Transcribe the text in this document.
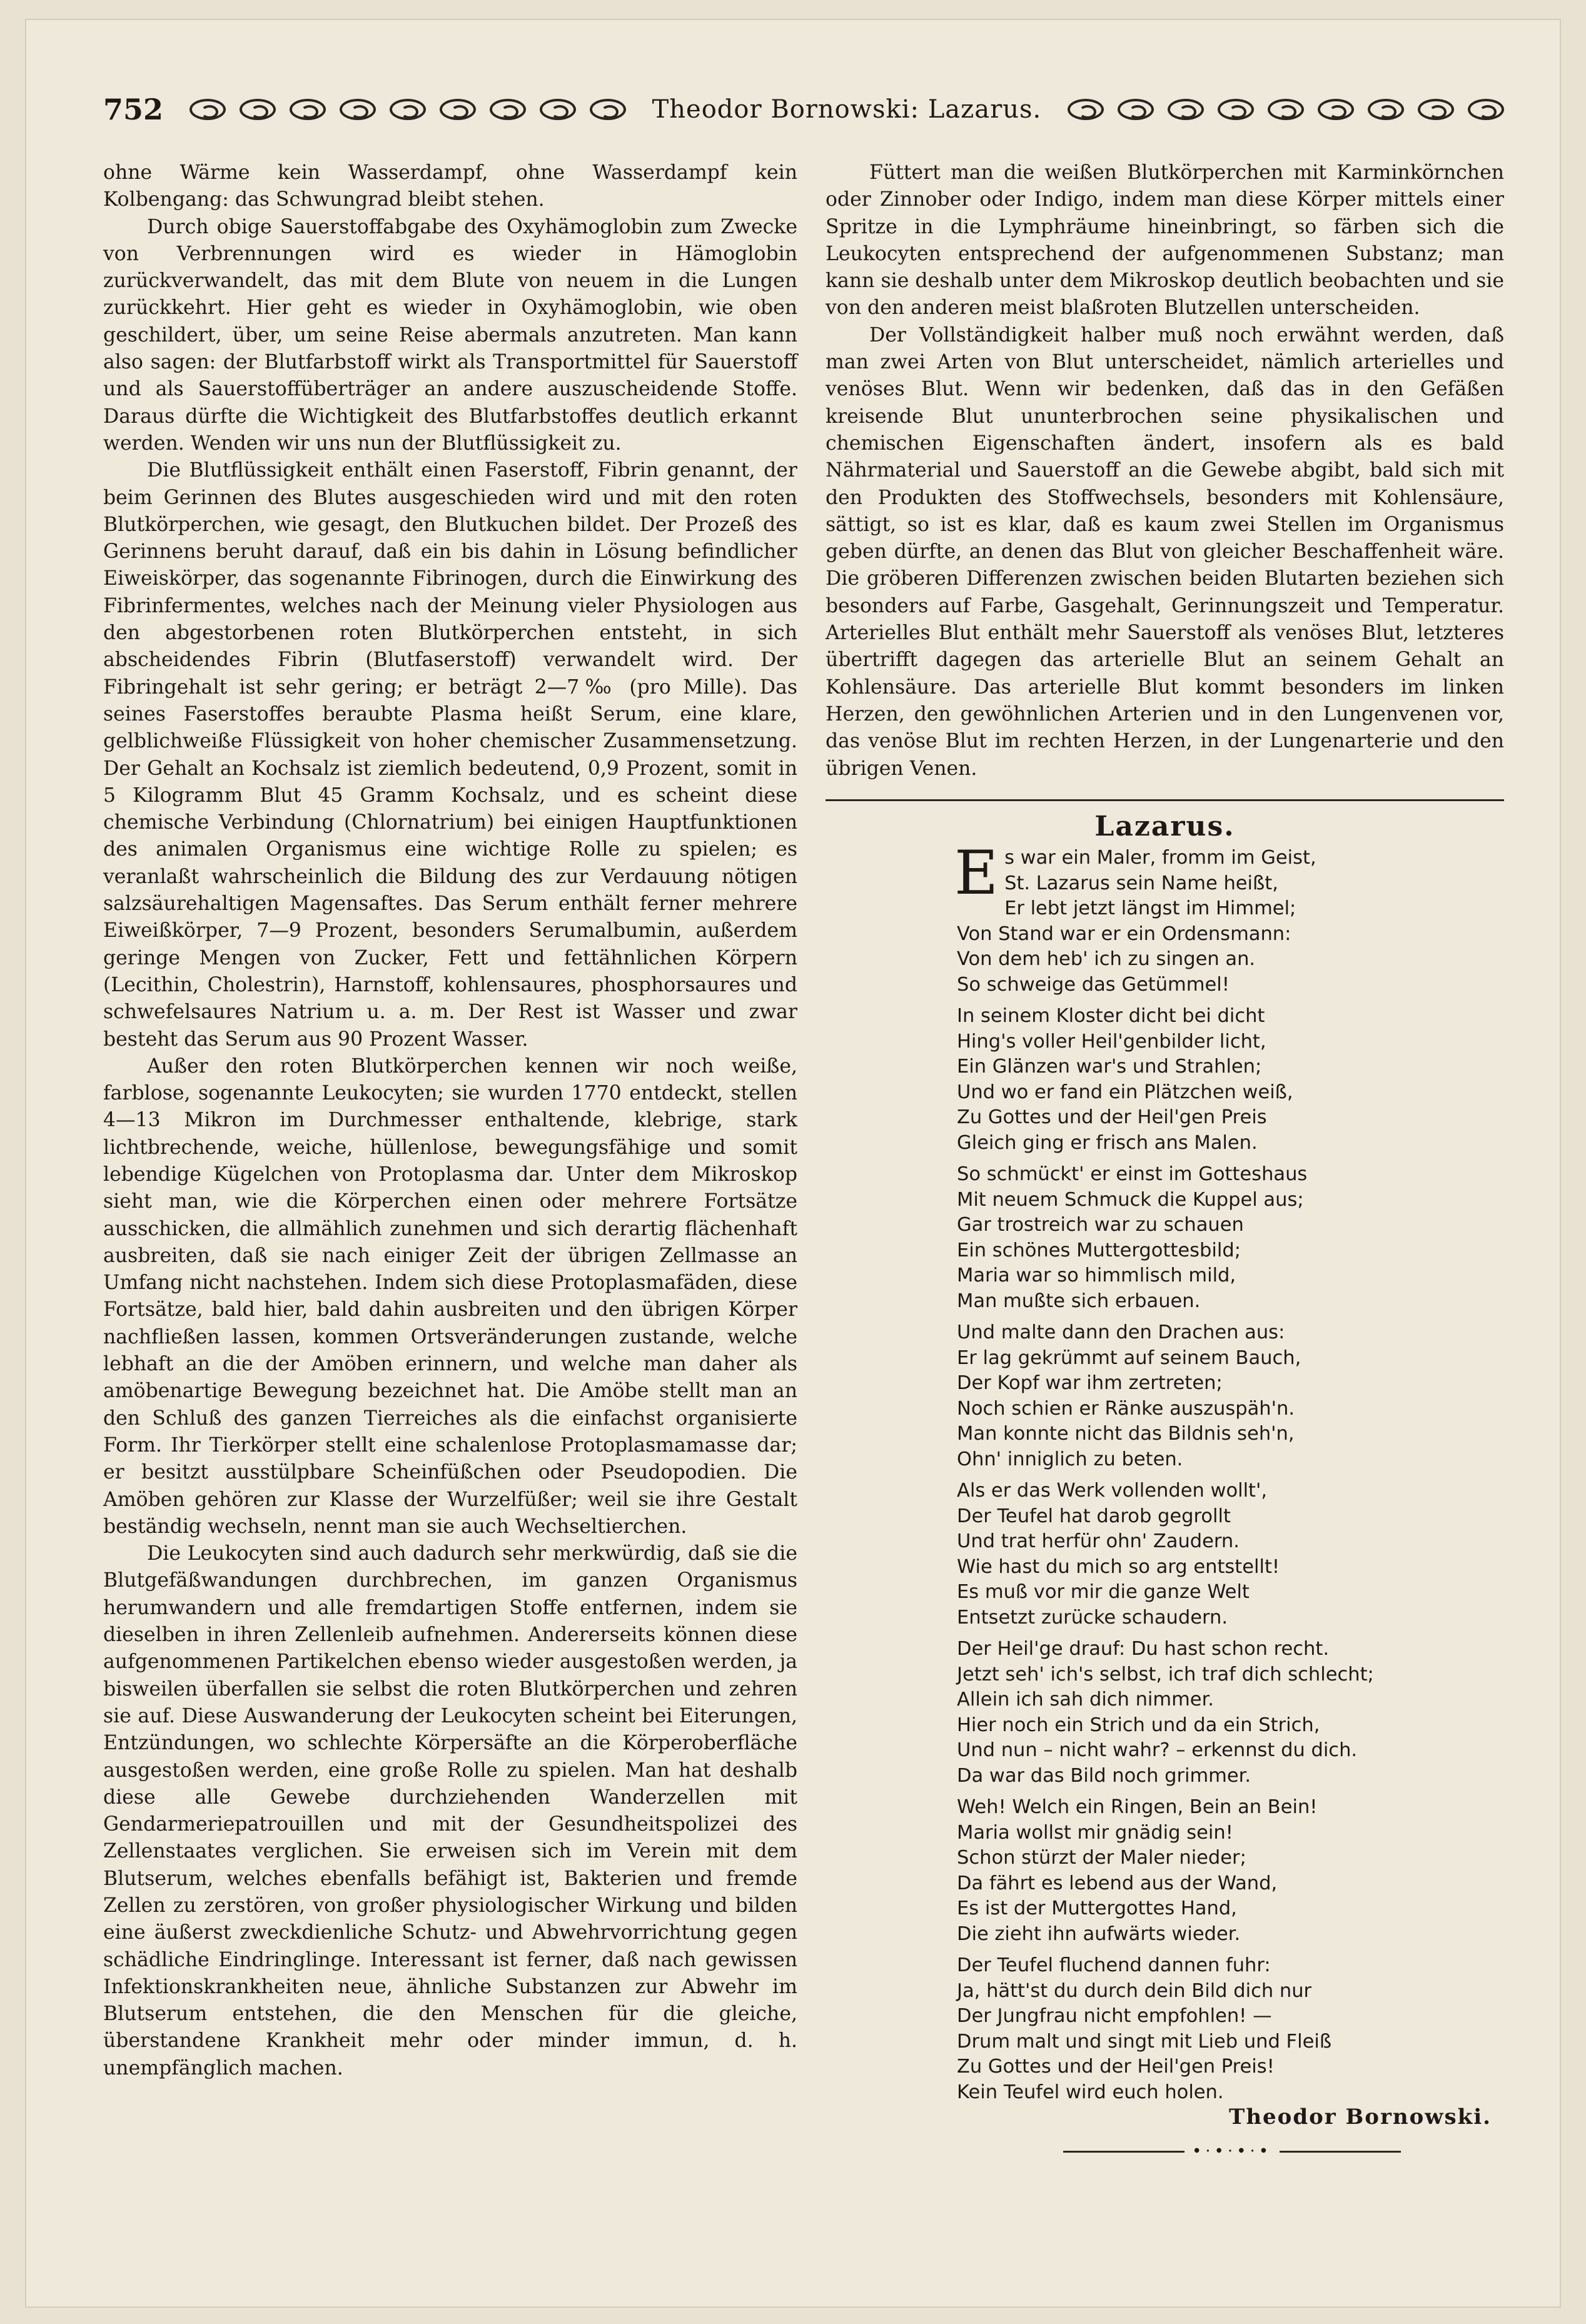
752	Theodor Bornowski: Lazarus.

ohne Wärme kein Wasserdampf, ohne Wasserdampf kein Kolbengang: das Schwungrad bleibt stehen.

Durch obige Sauerstoffabgabe des Oxyhämoglobin zum Zwecke von Verbrennungen wird es wieder in Hämoglobin zurückverwandelt, das mit dem Blute von neuem in die Lungen zurückkehrt. Hier geht es wieder in Oxyhämoglobin, wie oben geschildert, über, um seine Reise abermals anzutreten. Man kann also sagen: der Blutfarbstoff wirkt als Transportmittel für Sauerstoff und als Sauerstoffüberträger an andere auszuscheidende Stoffe. Daraus dürfte die Wichtigkeit des Blutfarbstoffes deutlich erkannt werden. Wenden wir uns nun der Blutflüssigkeit zu.

Die Blutflüssigkeit enthält einen Faserstoff, Fibrin genannt, der beim Gerinnen des Blutes ausgeschieden wird und mit den roten Blutkörperchen, wie gesagt, den Blutkuchen bildet. Der Prozeß des Gerinnens beruht darauf, daß ein bis dahin in Lösung befindlicher Eiweiskörper, das sogenannte Fibrinogen, durch die Einwirkung des Fibrinfermentes, welches nach der Meinung vieler Physiologen aus den abgestorbenen roten Blutkörperchen entsteht, in sich abscheidendes Fibrin (Blutfaserstoff) verwandelt wird. Der Fibringehalt ist sehr gering; er beträgt 2—7‰ (pro Mille). Das seines Faserstoffes beraubte Plasma heißt Serum, eine klare, gelblichweiße Flüssigkeit von hoher chemischer Zusammensetzung. Der Gehalt an Kochsalz ist ziemlich bedeutend, 0,9 Prozent, somit in 5 Kilogramm Blut 45 Gramm Kochsalz, und es scheint diese chemische Verbindung (Chlornatrium) bei einigen Hauptfunktionen des animalen Organismus eine wichtige Rolle zu spielen; es veranlaßt wahrscheinlich die Bildung des zur Verdauung nötigen salzsäurehaltigen Magensaftes. Das Serum enthält ferner mehrere Eiweißkörper, 7—9 Prozent, besonders Serumalbumin, außerdem geringe Mengen von Zucker, Fett und fettähnlichen Körpern (Lecithin, Cholestrin), Harnstoff, kohlensaures, phosphorsaures und schwefelsaures Natrium u. a. m. Der Rest ist Wasser und zwar besteht das Serum aus 90 Prozent Wasser.

Außer den roten Blutkörperchen kennen wir noch weiße, farblose, sogenannte Leukocyten; sie wurden 1770 entdeckt, stellen 4—13 Mikron im Durchmesser enthaltende, klebrige, stark lichtbrechende, weiche, hüllenlose, bewegungsfähige und somit lebendige Kügelchen von Protoplasma dar. Unter dem Mikroskop sieht man, wie die Körperchen einen oder mehrere Fortsätze ausschicken, die allmählich zunehmen und sich derartig flächenhaft ausbreiten, daß sie nach einiger Zeit der übrigen Zellmasse an Umfang nicht nachstehen. Indem sich diese Protoplasmafäden, diese Fortsätze, bald hier, bald dahin ausbreiten und den übrigen Körper nachfließen lassen, kommen Ortsveränderungen zustande, welche lebhaft an die der Amöben erinnern, und welche man daher als amöbenartige Bewegung bezeichnet hat. Die Amöbe stellt man an den Schluß des ganzen Tierreiches als die einfachst organisierte Form. Ihr Tierkörper stellt eine schalenlose Protoplasmamasse dar; er besitzt ausstülpbare Scheinfüßchen oder Pseudopodien. Die Amöben gehören zur Klasse der Wurzelfüßer; weil sie ihre Gestalt beständig wechseln, nennt man sie auch Wechseltierchen.

Die Leukocyten sind auch dadurch sehr merkwürdig, daß sie die Blutgefäßwandungen durchbrechen, im ganzen Organismus herumwandern und alle fremdartigen Stoffe entfernen, indem sie dieselben in ihren Zellenleib aufnehmen. Andererseits können diese aufgenommenen Partikelchen ebenso wieder ausgestoßen werden, ja bisweilen überfallen sie selbst die roten Blutkörperchen und zehren sie auf. Diese Auswanderung der Leukocyten scheint bei Eiterungen, Entzündungen, wo schlechte Körpersäfte an die Körperoberfläche ausgestoßen werden, eine große Rolle zu spielen. Man hat deshalb diese alle Gewebe durchziehenden Wanderzellen mit Gendarmeriepatrouillen und mit der Gesundheitspolizei des Zellenstaates verglichen. Sie erweisen sich im Verein mit dem Blutserum, welches ebenfalls befähigt ist, Bakterien und fremde Zellen zu zerstören, von großer physiologischer Wirkung und bilden eine äußerst zweckdienliche Schutz- und Abwehrvorrichtung gegen schädliche Eindringlinge. Interessant ist ferner, daß nach gewissen Infektionskrankheiten neue, ähnliche Substanzen zur Abwehr im Blutserum entstehen, die den Menschen für die gleiche, überstandene Krankheit mehr oder minder immun, d. h. unempfänglich machen.

Füttert man die weißen Blutkörperchen mit Karminkörnchen oder Zinnober oder Indigo, indem man diese Körper mittels einer Spritze in die Lymphräume hineinbringt, so färben sich die Leukocyten entsprechend der aufgenommenen Substanz; man kann sie deshalb unter dem Mikroskop deutlich beobachten und sie von den anderen meist blaßroten Blutzellen unterscheiden.

Der Vollständigkeit halber muß noch erwähnt werden, daß man zwei Arten von Blut unterscheidet, nämlich arterielles und venöses Blut. Wenn wir bedenken, daß das in den Gefäßen kreisende Blut ununterbrochen seine physikalischen und chemischen Eigenschaften ändert, insofern als es bald Nährmaterial und Sauerstoff an die Gewebe abgibt, bald sich mit den Produkten des Stoffwechsels, besonders mit Kohlensäure, sättigt, so ist es klar, daß es kaum zwei Stellen im Organismus geben dürfte, an denen das Blut von gleicher Beschaffenheit wäre. Die gröberen Differenzen zwischen beiden Blutarten beziehen sich besonders auf Farbe, Gasgehalt, Gerinnungszeit und Temperatur. Arterielles Blut enthält mehr Sauerstoff als venöses Blut, letzteres übertrifft dagegen das arterielle Blut an seinem Gehalt an Kohlensäure. Das arterielle Blut kommt besonders im linken Herzen, den gewöhnlichen Arterien und in den Lungenvenen vor, das venöse Blut im rechten Herzen, in der Lungenarterie und den übrigen Venen.

Lazarus.
E s war ein Maler, fromm im Geist,
St. Lazarus sein Name heißt,
Er lebt jetzt längst im Himmel;
Von Stand war er ein Ordensmann:
Von dem heb' ich zu singen an.
So schweige das Getümmel!
In seinem Kloster dicht bei dicht
Hing's voller Heil'genbilder licht,
Ein Glänzen war's und Strahlen;
Und wo er fand ein Plätzchen weiß,
Zu Gottes und der Heil'gen Preis
Gleich ging er frisch ans Malen.
So schmückt' er einst im Gotteshaus
Mit neuem Schmuck die Kuppel aus;
Gar trostreich war zu schauen
Ein schönes Muttergottesbild;
Maria war so himmlisch mild,
Man mußte sich erbauen.
Und malte dann den Drachen aus:
Er lag gekrümmt auf seinem Bauch,
Der Kopf war ihm zertreten;
Noch schien er Ränke auszuspäh'n.
Man konnte nicht das Bildnis seh'n,
Ohn' inniglich zu beten.
Als er das Werk vollenden wollt',
Der Teufel hat darob gegrollt
Und trat herfür ohn' Zaudern.
Wie hast du mich so arg entstellt!
Es muß vor mir die ganze Welt
Entsetzt zurücke schaudern.
Der Heil'ge drauf: Du hast schon recht.
Jetzt seh' ich's selbst, ich traf dich schlecht;
Allein ich sah dich nimmer.
Hier noch ein Strich und da ein Strich,
Und nun – nicht wahr? – erkennst du dich.
Da war das Bild noch grimmer.
Weh! Welch ein Ringen, Bein an Bein!
Maria wollst mir gnädig sein!
Schon stürzt der Maler nieder;
Da fährt es lebend aus der Wand,
Es ist der Muttergottes Hand,
Die zieht ihn aufwärts wieder.
Der Teufel fluchend dannen fuhr:
Ja, hätt'st du durch dein Bild dich nur
Der Jungfrau nicht empfohlen! —
Drum malt und singt mit Lieb und Fleiß
Zu Gottes und der Heil'gen Preis!
Kein Teufel wird euch holen.
Theodor Bornowski.
•·•·•·•
